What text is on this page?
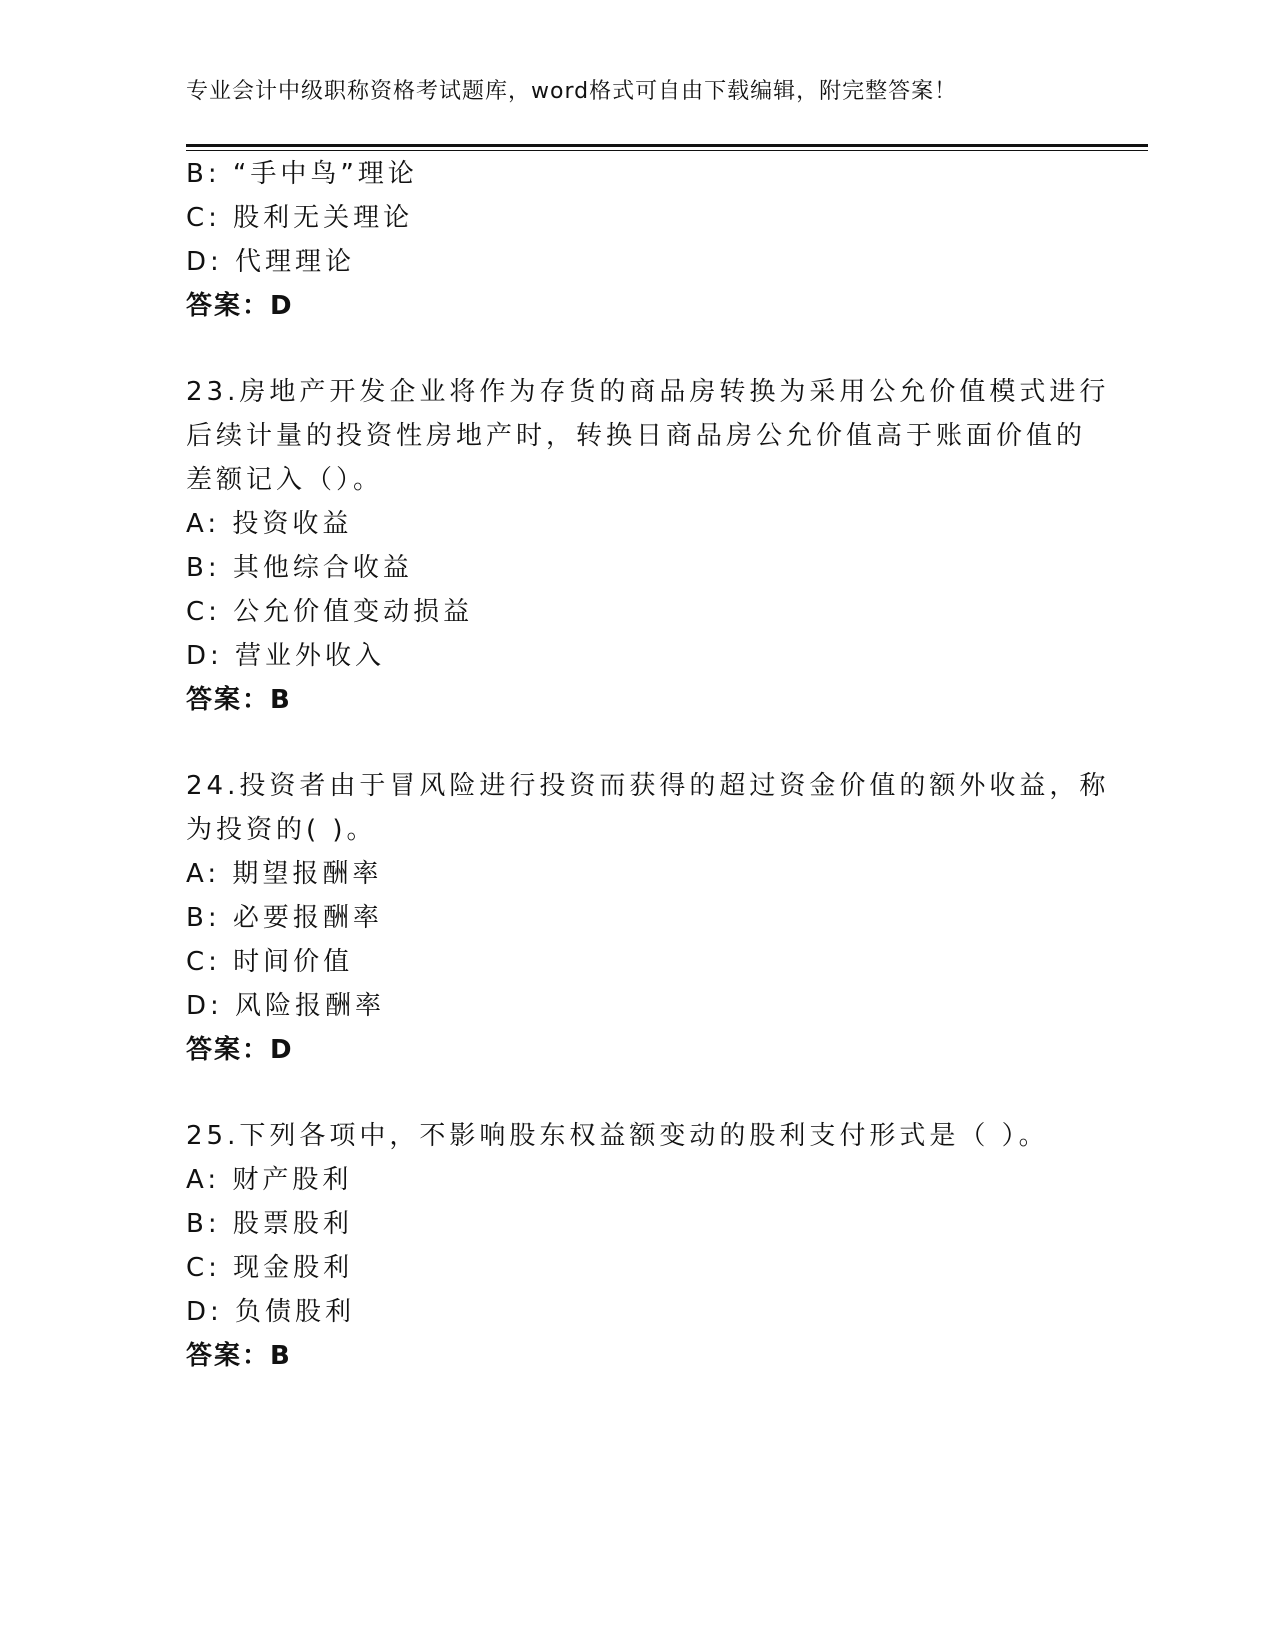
专业会计中级职称资格考试题库，word格式可自由下载编辑，附完整答案！
B: “手中鸟”理论
C: 股利无关理论
D: 代理理论
答案：D
23.房地产开发企业将作为存货的商品房转换为采用公允价值模式进行
后续计量的投资性房地产时，转换日商品房公允价值高于账面价值的
差额记入（）。
A: 投资收益
B: 其他综合收益
C: 公允价值变动损益
D: 营业外收入
答案：B
24.投资者由于冒风险进行投资而获得的超过资金价值的额外收益，称
为投资的( )。
A: 期望报酬率
B: 必要报酬率
C: 时间价值
D: 风险报酬率
答案：D
25.下列各项中，不影响股东权益额变动的股利支付形式是（ ）。
A: 财产股利
B: 股票股利
C: 现金股利
D: 负债股利
答案：B
